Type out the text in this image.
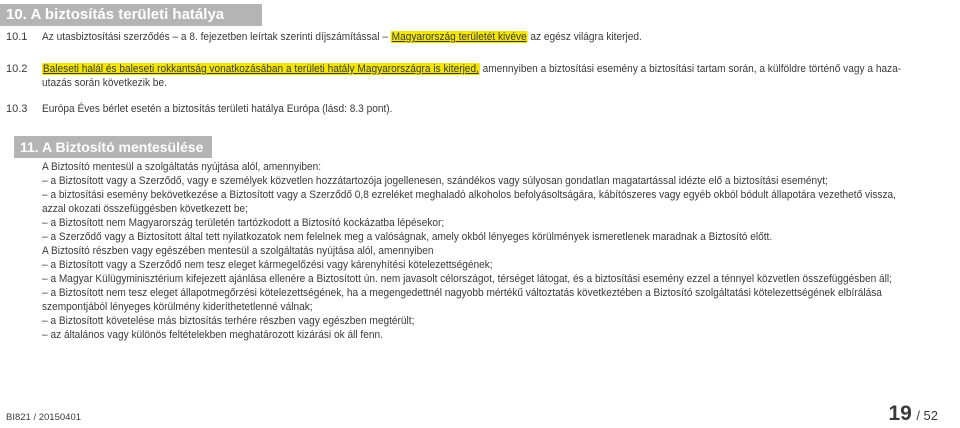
10. A biztosítás területi hatálya
10.1 Az utasbiztosítási szerződés – a 8. fejezetben leírtak szerinti díjszámítással – Magyarország területét kivéve az egész világra kiterjed.
10.2 Baleseti halál és baleseti rokkantság vonatkozásában a területi hatály Magyarországra is kiterjed, amennyiben a biztosítási esemény a biztosítási tartam során, a külföldre történő vagy a haza-
utazás során következik be.
10.3 Európa Éves bérlet esetén a biztosítás területi hatálya Európa (lásd: 8.3 pont).
11. A Biztosító mentesülése
A Biztosító mentesül a szolgáltatás nyújtása alól, amennyiben:
– a Biztosított vagy a Szerződő, vagy e személyek közvetlen hozzátartozója jogellenesen, szándékos vagy súlyosan gondatlan magatartással idézte elő a biztosítási eseményt;
– a biztosítási esemény bekövetkezése a Biztosított vagy a Szerződő 0,8 ezreléket meghaladó alkoholos befolyásoltságára, kábítószeres vagy egyéb okból bódult állapotára vezethető vissza,
azzal okozati összefüggésben következett be;
– a Biztosított nem Magyarország területén tartózkodott a Biztosító kockázatba lépésekor;
– a Szerződő vagy a Biztosított által tett nyilatkozatok nem felelnek meg a valóságnak, amely okból lényeges körülmények ismeretlenek maradnak a Biztosító előtt.
A Biztosító részben vagy egészében mentesül a szolgáltatás nyújtása alól, amennyiben
– a Biztosított vagy a Szerződő nem tesz eleget kármegelőzési vagy kárenyhítési kötelezettségének;
– a Magyar Külügyminisztérium kifejezett ajánlása ellenére a Biztosított ún. nem javasolt célországot, térséget látogat, és a biztosítási esemény ezzel a ténnyel közvetlen összefüggésben áll;
– a Biztosított nem tesz eleget állapotmegőrzési kötelezettségének, ha a megengedettnél nagyobb mértékű változtatás következtében a Biztosító szolgáltatási kötelezettségének elbírálása
szempontjából lényeges körülmény kideríthetetlenné válnak;
– a Biztosított követelése más biztosítás terhére részben vagy egészben megtérült;
– az általános vagy különös feltételekben meghatározott kizárási ok áll fenn.
BI821 / 20150401	19 / 52
